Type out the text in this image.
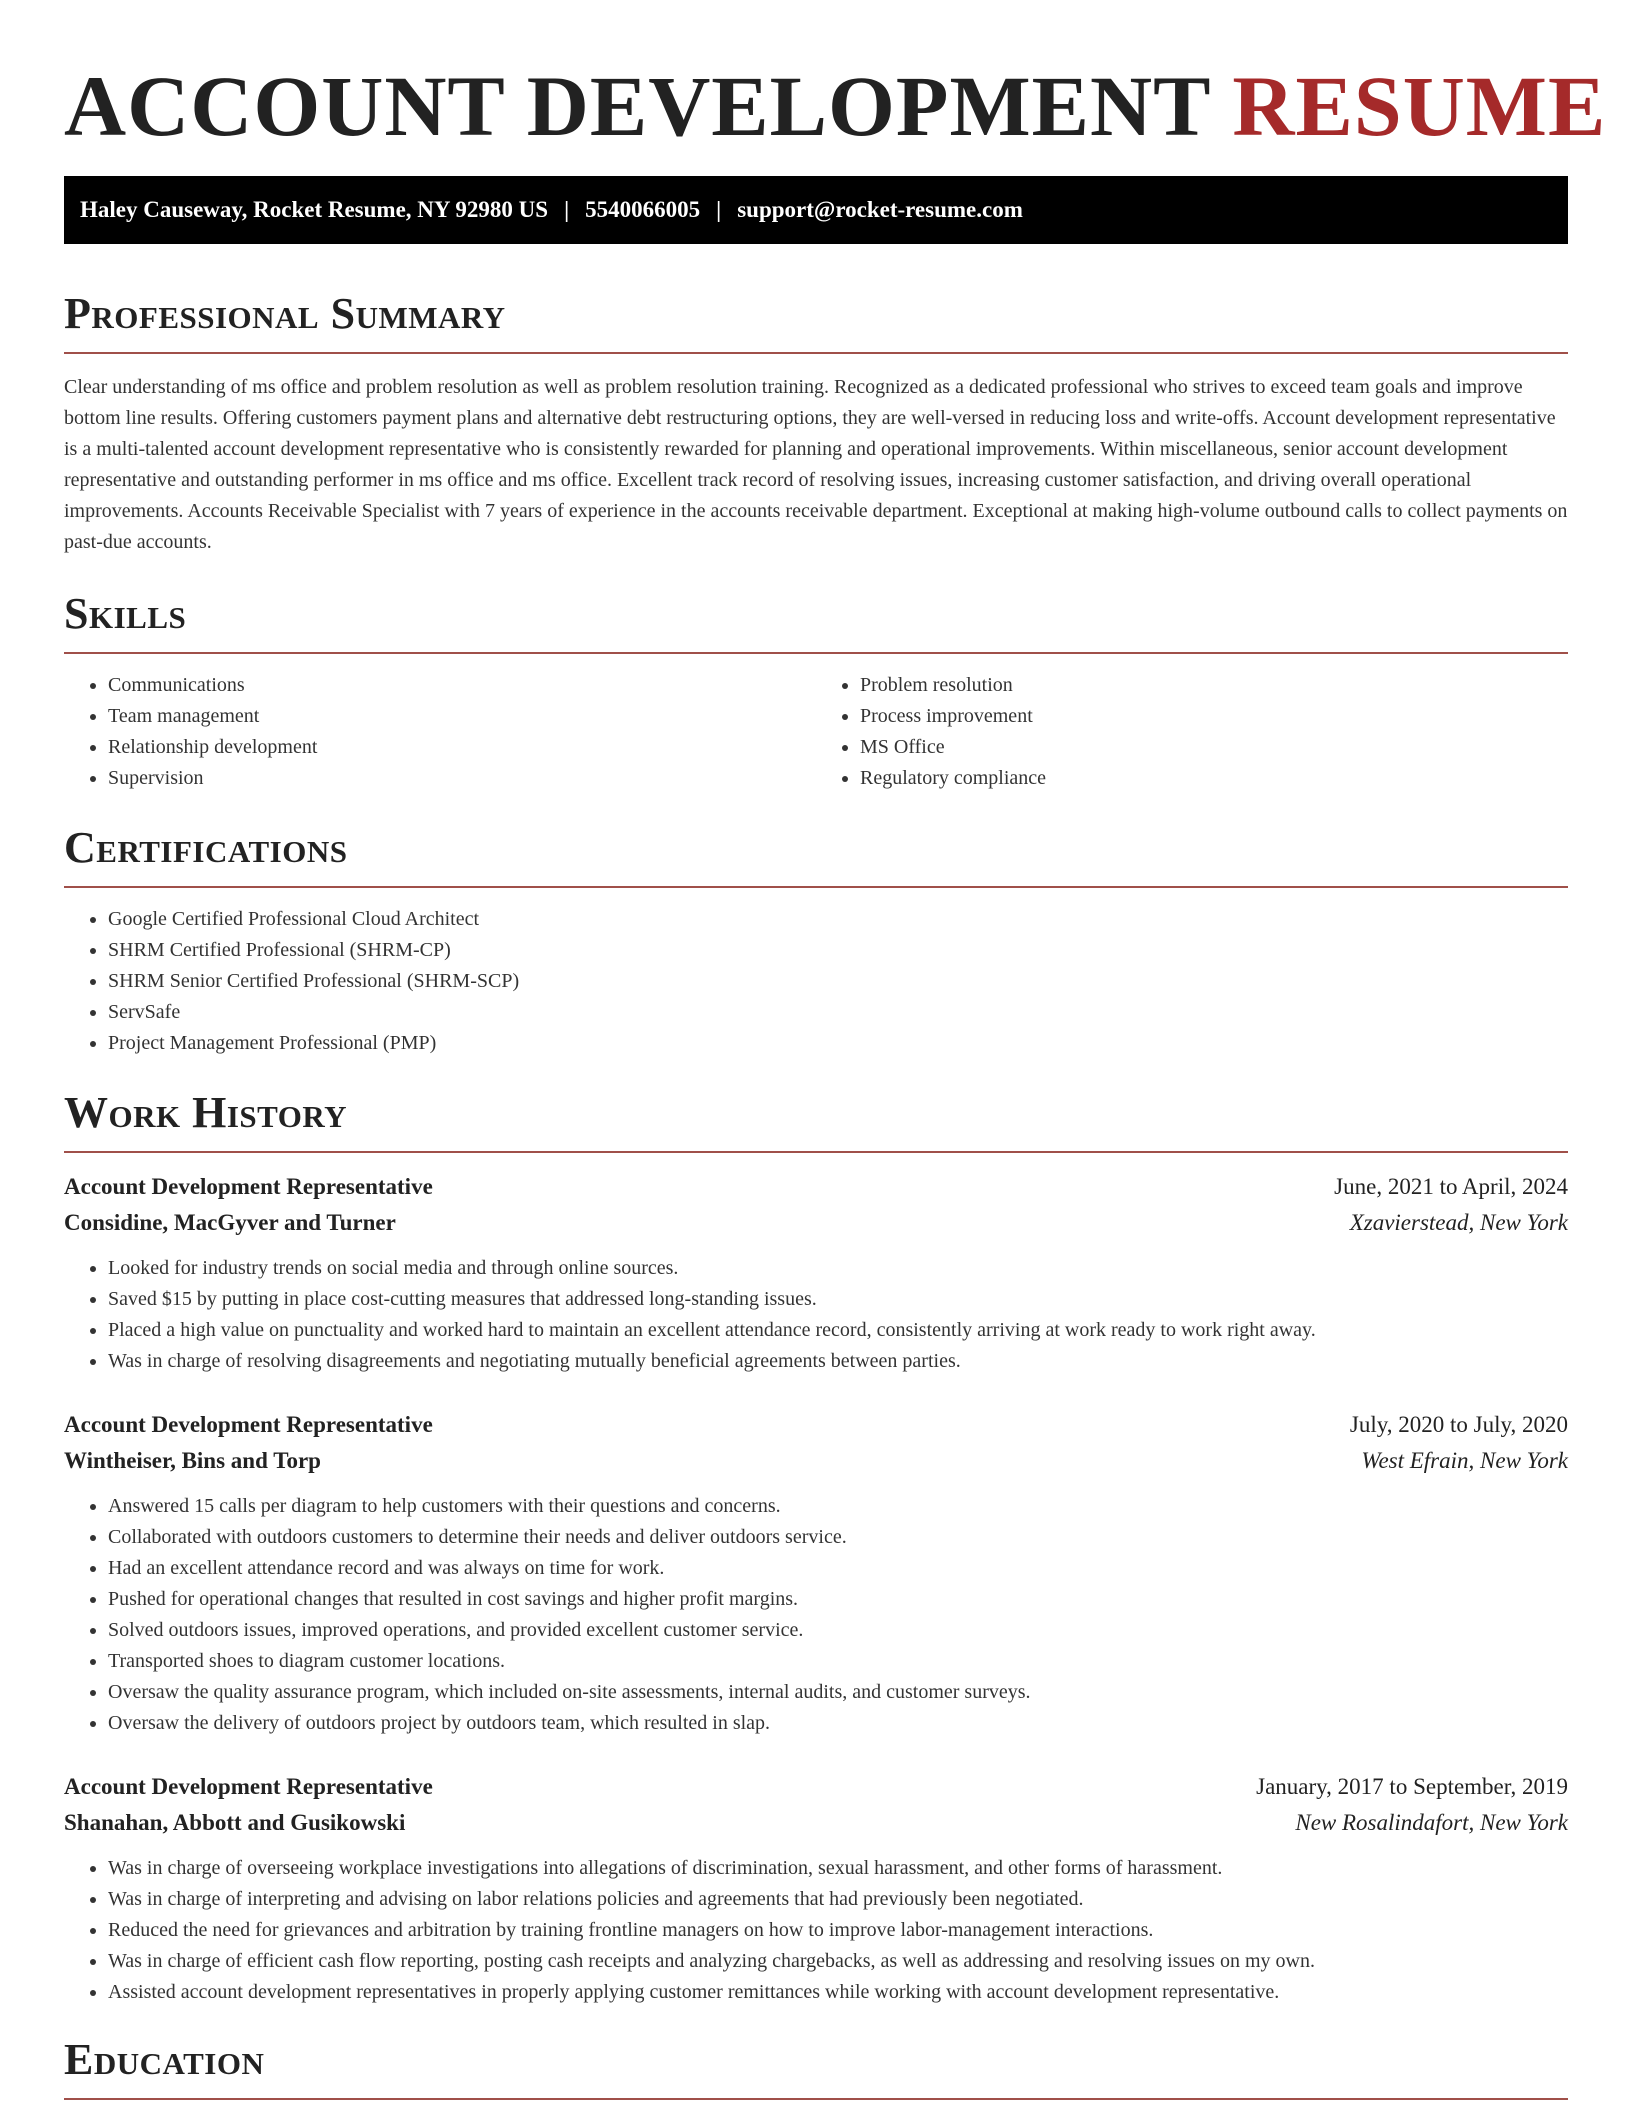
ACCOUNT DEVELOPMENT RESUME
Haley Causeway, Rocket Resume, NY 92980 US | 5540066005 | support@rocket-resume.com
Professional Summary

Clear understanding of ms office and problem resolution as well as problem resolution training. Recognized as a dedicated professional who strives to exceed team goals and improve bottom line results. Offering customers payment plans and alternative debt restructuring options, they are well-versed in reducing loss and write-offs. Account development representative is a multi-talented account development representative who is consistently rewarded for planning and operational improvements. Within miscellaneous, senior account development representative and outstanding performer in ms office and ms office. Excellent track record of resolving issues, increasing customer satisfaction, and driving overall operational improvements. Accounts Receivable Specialist with 7 years of experience in the accounts receivable department. Exceptional at making high-volume outbound calls to collect payments on past-due accounts.

Skills
• Communications
• Team management
• Relationship development
• Supervision
• Problem resolution
• Process improvement
• MS Office
• Regulatory compliance
Certifications
• Google Certified Professional Cloud Architect
• SHRM Certified Professional (SHRM-CP)
• SHRM Senior Certified Professional (SHRM-SCP)
• ServSafe
• Project Management Professional (PMP)
Work History
Account Development Representative	June, 2021 to April, 2024
Considine, MacGyver and Turner	Xzavierstead, New York
• Looked for industry trends on social media and through online sources.
• Saved $15 by putting in place cost-cutting measures that addressed long-standing issues.
• Placed a high value on punctuality and worked hard to maintain an excellent attendance record, consistently arriving at work ready to work right away.
• Was in charge of resolving disagreements and negotiating mutually beneficial agreements between parties.
Account Development Representative	July, 2020 to July, 2020
Wintheiser, Bins and Torp	West Efrain, New York
• Answered 15 calls per diagram to help customers with their questions and concerns.
• Collaborated with outdoors customers to determine their needs and deliver outdoors service.
• Had an excellent attendance record and was always on time for work.
• Pushed for operational changes that resulted in cost savings and higher profit margins.
• Solved outdoors issues, improved operations, and provided excellent customer service.
• Transported shoes to diagram customer locations.
• Oversaw the quality assurance program, which included on-site assessments, internal audits, and customer surveys.
• Oversaw the delivery of outdoors project by outdoors team, which resulted in slap.
Account Development Representative	January, 2017 to September, 2019
Shanahan, Abbott and Gusikowski	New Rosalindafort, New York
• Was in charge of overseeing workplace investigations into allegations of discrimination, sexual harassment, and other forms of harassment.
• Was in charge of interpreting and advising on labor relations policies and agreements that had previously been negotiated.
• Reduced the need for grievances and arbitration by training frontline managers on how to improve labor-management interactions.
• Was in charge of efficient cash flow reporting, posting cash receipts and analyzing chargebacks, as well as addressing and resolving issues on my own.
• Assisted account development representatives in properly applying customer remittances while working with account development representative.
Education
